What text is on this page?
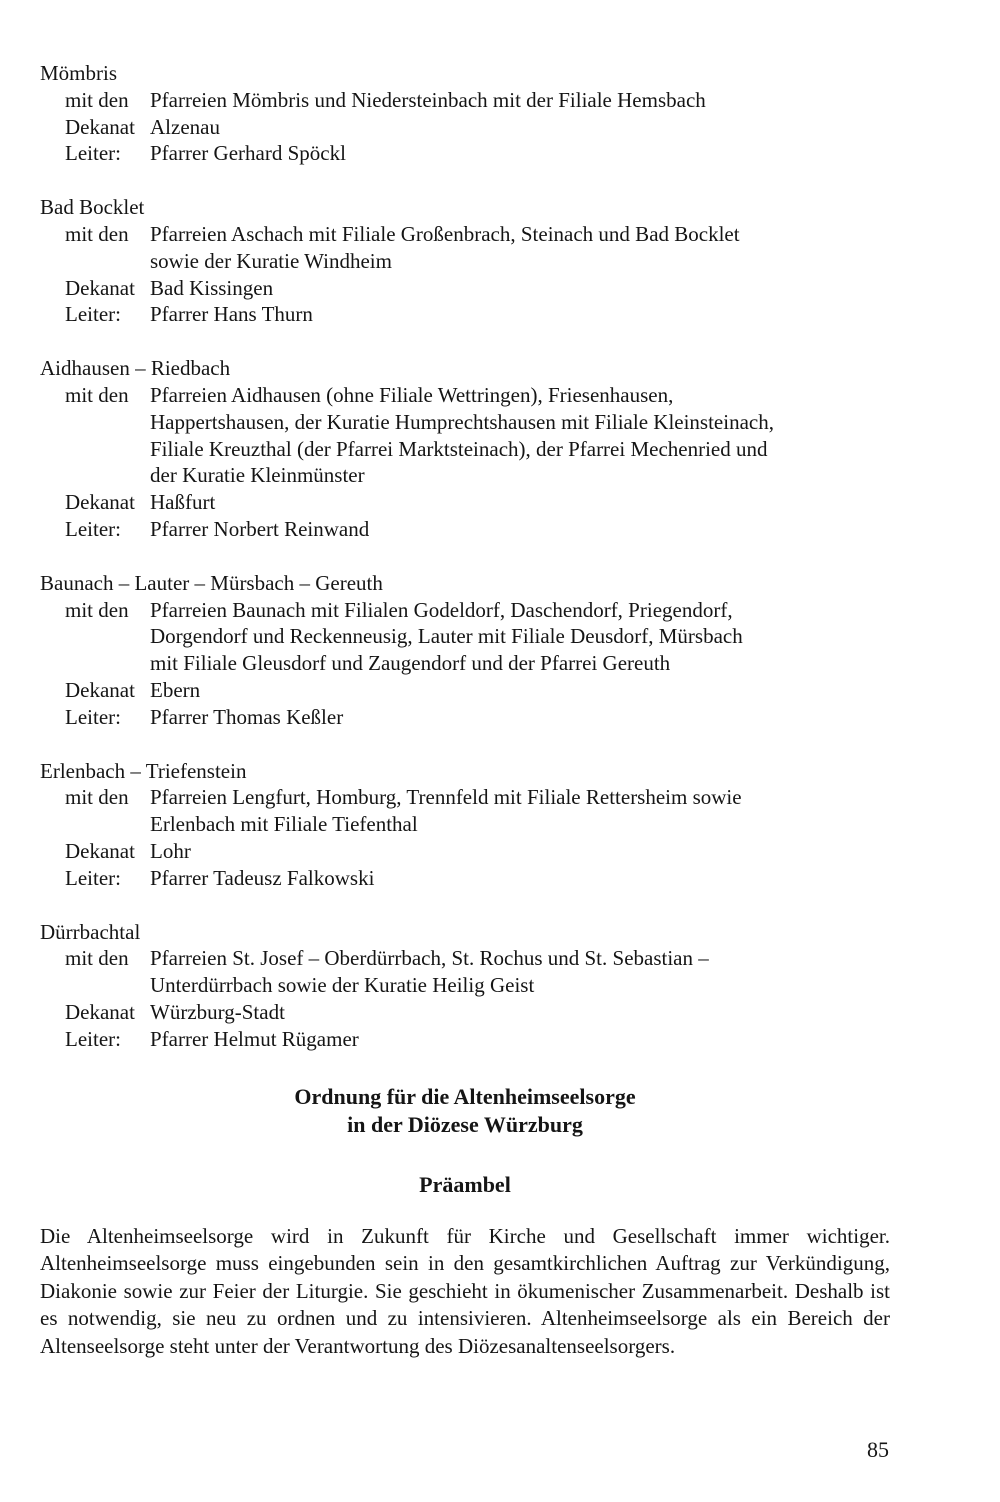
Mömbris
mit den	Pfarreien Mömbris und Niedersteinbach mit der Filiale Hemsbach
Dekanat Alzenau
Leiter:	Pfarrer Gerhard Spöckl
Bad Bocklet
mit den	Pfarreien Aschach mit Filiale Großenbrach, Steinach und Bad Bocklet
sowie der Kuratie Windheim
Dekanat Bad Kissingen
Leiter:	Pfarrer Hans Thurn
Aidhausen – Riedbach
mit den	Pfarreien Aidhausen (ohne Filiale Wettringen), Friesenhausen,
Happertshausen, der Kuratie Humprechtshausen mit Filiale Kleinsteinach,
Filiale Kreuzthal (der Pfarrei Marktsteinach), der Pfarrei Mechenried und
der Kuratie Kleinmünster
Dekanat Haßfurt
Leiter:	Pfarrer Norbert Reinwand
Baunach – Lauter – Mürsbach – Gereuth
mit den	Pfarreien Baunach mit Filialen Godeldorf, Daschendorf, Priegendorf,
Dorgendorf und Reckenneusig, Lauter mit Filiale Deusdorf, Mürsbach
mit Filiale Gleusdorf und Zaugendorf und der Pfarrei Gereuth
Dekanat Ebern
Leiter:	Pfarrer Thomas Keßler
Erlenbach – Triefenstein
mit den	Pfarreien Lengfurt, Homburg, Trennfeld mit Filiale Rettersheim sowie
Erlenbach mit Filiale Tiefenthal
Dekanat Lohr
Leiter:	Pfarrer Tadeusz Falkowski
Dürrbachtal
mit den	Pfarreien St. Josef – Oberdürrbach, St. Rochus und St. Sebastian –
Unterdürrbach sowie der Kuratie Heilig Geist
Dekanat Würzburg-Stadt
Leiter:	Pfarrer Helmut Rügamer
Ordnung für die Altenheimseelsorge
in der Diözese Würzburg
Präambel

Die Altenheimseelsorge wird in Zukunft für Kirche und Gesellschaft immer wichtiger. Altenheimseelsorge muss eingebunden sein in den gesamtkirchlichen Auftrag zur Verkündigung, Diakonie sowie zur Feier der Liturgie. Sie geschieht in ökumenischer Zusammenarbeit. Deshalb ist es notwendig, sie neu zu ordnen und zu intensivieren. Altenheimseelsorge als ein Bereich der Altenseelsorge steht unter der Verantwortung des Diözesanaltenseelsorgers.

85
